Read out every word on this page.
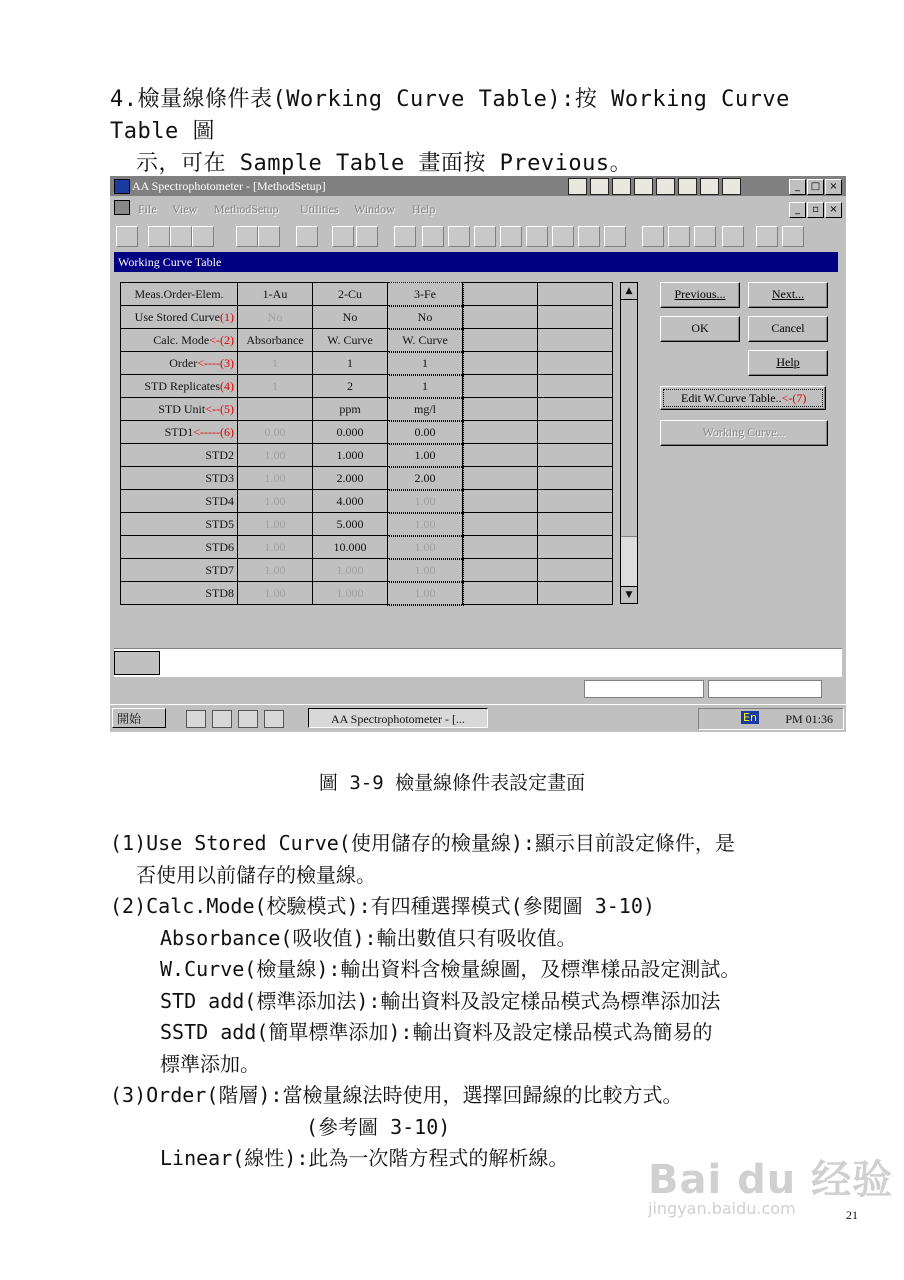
4.檢量線條件表(Working Curve Table):按 Working Curve Table 圖
示，可在 Sample Table 畫面按 Previous。
AA Spectrophotometer - [MethodSetup]	_ □ ×
File View MethodSetup Utilities Window Help	_ ▫ ×
Working Curve Table
Meas.Order-Elem.	1-Au	2-Cu	3-Fe		
Use Stored Curve(1)	No	No	No		
Calc. Mode<-(2)	Absorbance	W. Curve	W. Curve		
Order<----(3)	1	1	1		
STD Replicates(4)	1	2	1		
STD Unit<--(5)		ppm	mg/l		
STD1<-----(6)	0.00	0.000	0.00		
STD2	1.00	1.000	1.00		
STD3	1.00	2.000	2.00		
STD4	1.00	4.000	1.00		
STD5	1.00	5.000	1.00		
STD6	1.00	10.000	1.00		
STD7	1.00	1.000	1.00		
STD8	1.00	1.000	1.00		
▲
▼
Previous...	Next...
OK	Cancel
Help
Edit W.Curve Table..<-(7)
Working Curve...
開始	AA Spectrophotometer - [...	En PM 01:36
圖 3-9 檢量線條件表設定畫面

(1)Use Stored Curve(使用儲存的檢量線):顯示目前設定條件，是

否使用以前儲存的檢量線。

(2)Calc.Mode(校驗模式):有四種選擇模式(參閱圖 3-10)

Absorbance(吸收值):輸出數值只有吸收值。

W.Curve(檢量線):輸出資料含檢量線圖，及標準樣品設定測試。

STD add(標準添加法):輸出資料及設定樣品模式為標準添加法

SSTD add(簡單標準添加):輸出資料及設定樣品模式為簡易的

標準添加。

(3)Order(階層):當檢量線法時使用，選擇回歸線的比較方式。

(參考圖 3-10)

Linear(線性):此為一次階方程式的解析線。	Bai du 经验
jingyan.baidu.com	21
